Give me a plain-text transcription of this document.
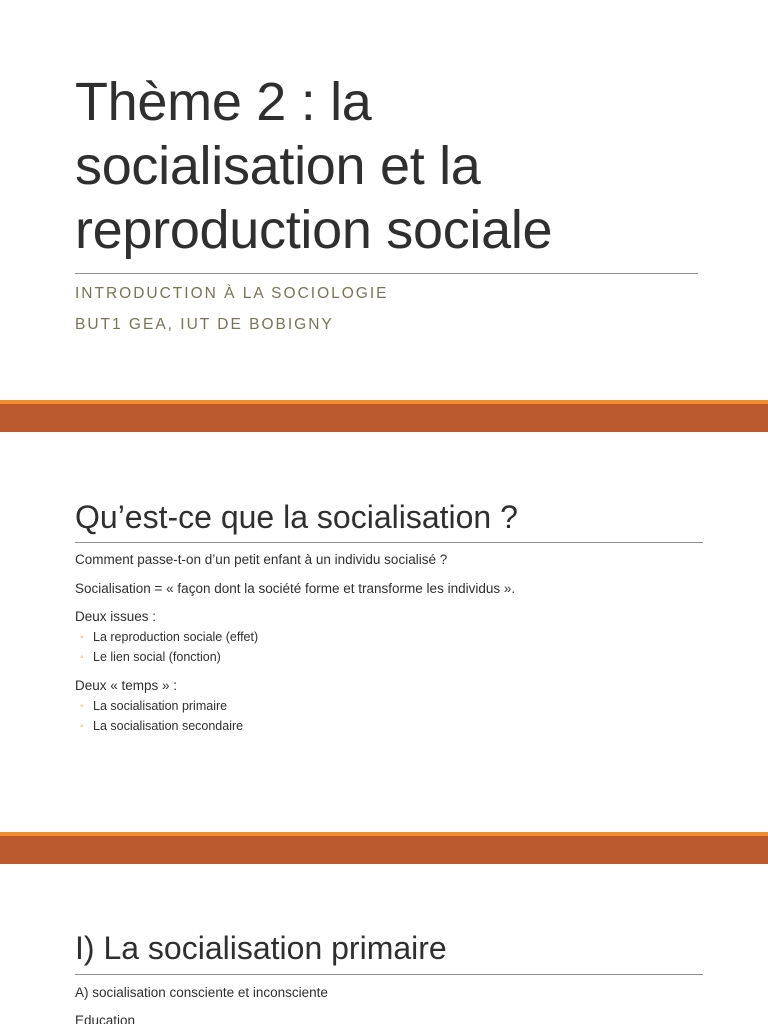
Thème 2 : la
socialisation et la
reproduction sociale
INTRODUCTION À LA SOCIOLOGIE
BUT1 GEA, IUT DE BOBIGNY
Qu’est-ce que la socialisation ?

Comment passe-t-on d’un petit enfant à un individu socialisé ?

Socialisation = « façon dont la société forme et transforme les individus ».

Deux issues :

◦ La reproduction sociale (effet)
◦ Le lien social (fonction)

Deux « temps » :

◦ La socialisation primaire
◦ La socialisation secondaire
I) La socialisation primaire

A) socialisation consciente et inconsciente

Education
